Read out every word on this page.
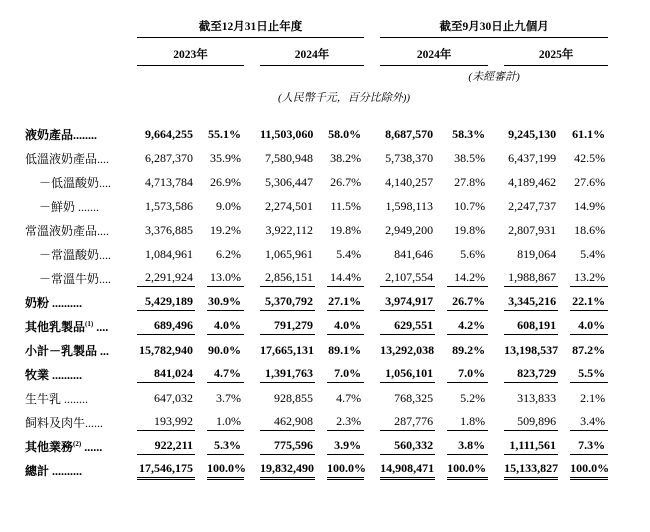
	截至12月31日止年度						截至9月30日止九個月				
	2023年			2024年			2024年			2025年	
							(未經審計)				
(人民幣千元，百分比除外))											

液奶產品........	9,664,255	55.1%		11,503,060	58.0%		8,687,570	58.3%		9,245,130	61.1%

低溫液奶產品....	6,287,370	35.9%		7,580,948	38.2%		5,738,370	38.5%		6,437,199	42.5%

－低溫酸奶....	4,713,784	26.9%		5,306,447	26.7%		4,140,257	27.8%		4,189,462	27.6%

－鮮奶 .......	1,573,586	9.0%		2,274,501	11.5%		1,598,113	10.7%		2,247,737	14.9%

常溫液奶產品....	3,376,885	19.2%		3,922,112	19.8%		2,949,200	19.8%		2,807,931	18.6%

－常溫酸奶....	1,084,961	6.2%		1,065,961	5.4%		841,646	5.6%		819,064	5.4%

－常溫牛奶....	2,291,924	13.0%		2,856,151	14.4%		2,107,554	14.2%		1,988,867	13.2%

奶粉 ..........	5,429,189	30.9%		5,370,792	27.1%		3,974,917	26.7%		3,345,216	22.1%

其他乳製品$^{(1)}$ ....	689,496	4.0%		791,279	4.0%		629,551	4.2%		608,191	4.0%

小計－乳製品 ...	15,782,940	90.0%		17,665,131	89.1%		13,292,038	89.2%		13,198,537	87.2%

牧業 ..........	841,024	4.7%		1,391,763	7.0%		1,056,101	7.0%		823,729	5.5%

生牛乳 ........	647,032	3.7%		928,855	4.7%		768,325	5.2%		313,833	2.1%

飼料及肉牛......	193,992	1.0%		462,908	2.3%		287,776	1.8%		509,896	3.4%

其他業務$^{(2)}$ ......	922,211	5.3%		775,596	3.9%		560,332	3.8%		1,111,561	7.3%

總計 ..........	17,546,175	100.0%		19,832,490	100.0%		14,908,471	100.0%		15,133,827	100.0%
